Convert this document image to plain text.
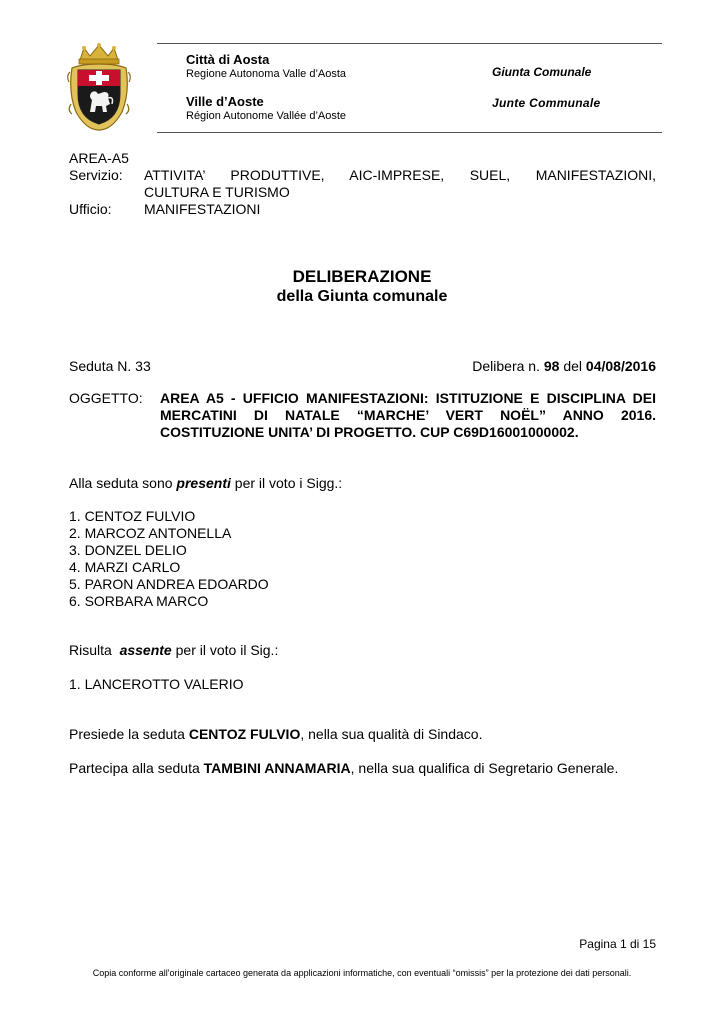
Città di Aosta
Regione Autonoma Valle d’Aosta
Ville d’Aoste
Région Autonome Vallée d’Aoste
Giunta Comunale
Junte Communale
AREA-A5
Servizio: ATTIVITA’ PRODUTTIVE, AIC-IMPRESE, SUEL, MANIFESTAZIONI,
CULTURA E TURISMO
Ufficio: MANIFESTAZIONI
DELIBERAZIONE
della Giunta comunale
Seduta N. 33	Delibera n. 98 del 04/08/2016
OGGETTO: AREA A5 - UFFICIO MANIFESTAZIONI: ISTITUZIONE E DISCIPLINA DEI MERCATINI DI NATALE “MARCHE’ VERT NOËL” ANNO 2016. COSTITUZIONE UNITA’ DI PROGETTO. CUP C69D16001000002.
Alla seduta sono presenti per il voto i Sigg.:
1. CENTOZ FULVIO
2. MARCOZ ANTONELLA
3. DONZEL DELIO
4. MARZI CARLO
5. PARON ANDREA EDOARDO
6. SORBARA MARCO
Risulta assente per il voto il Sig.:
1. LANCEROTTO VALERIO
Presiede la seduta CENTOZ FULVIO, nella sua qualità di Sindaco.
Partecipa alla seduta TAMBINI ANNAMARIA, nella sua qualifica di Segretario Generale.
Pagina 1 di 15
Copia conforme all'originale cartaceo generata da applicazioni informatiche, con eventuali “omissis” per la protezione dei dati personali.
